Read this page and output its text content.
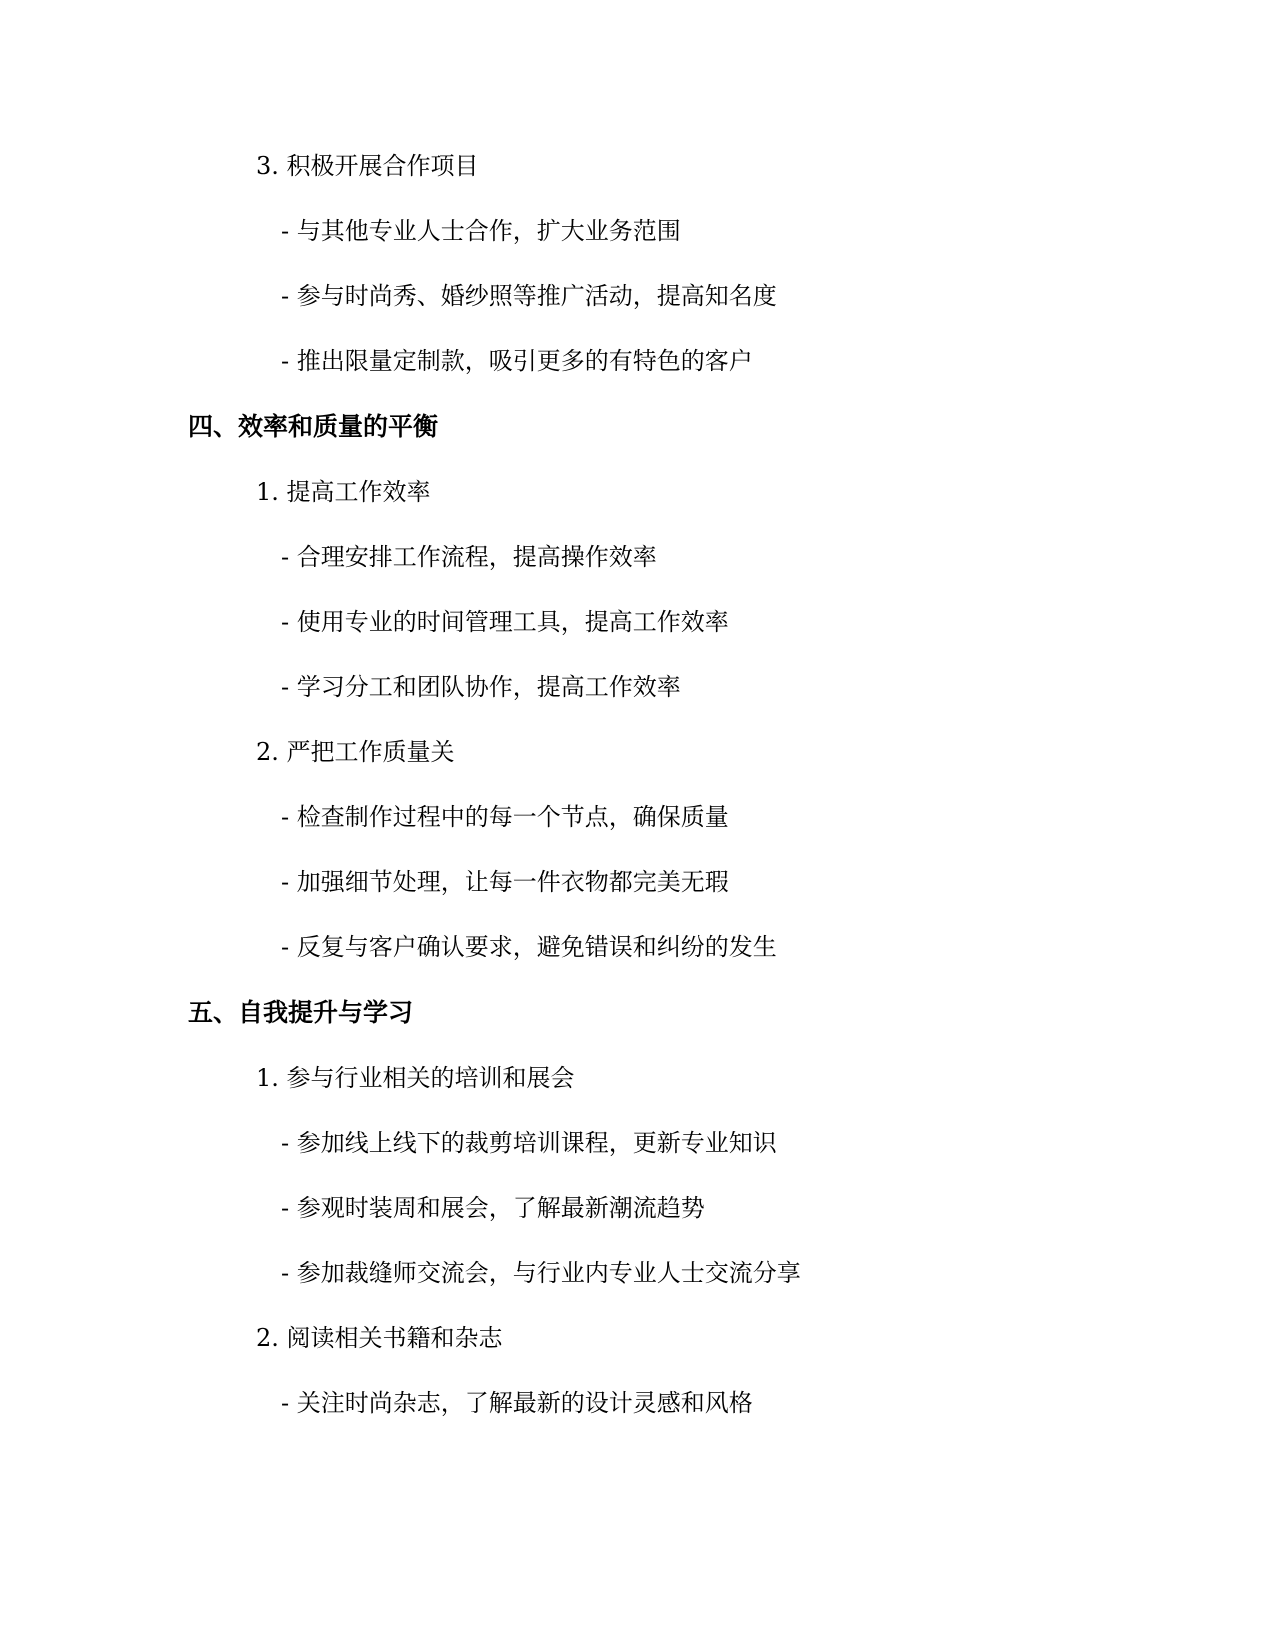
3. 积极开展合作项目
- 与其他专业人士合作，扩大业务范围
- 参与时尚秀、婚纱照等推广活动，提高知名度
- 推出限量定制款，吸引更多的有特色的客户
四、效率和质量的平衡
1. 提高工作效率
- 合理安排工作流程，提高操作效率
- 使用专业的时间管理工具，提高工作效率
- 学习分工和团队协作，提高工作效率
2. 严把工作质量关
- 检查制作过程中的每一个节点，确保质量
- 加强细节处理，让每一件衣物都完美无瑕
- 反复与客户确认要求，避免错误和纠纷的发生
五、自我提升与学习
1. 参与行业相关的培训和展会
- 参加线上线下的裁剪培训课程，更新专业知识
- 参观时装周和展会，了解最新潮流趋势
- 参加裁缝师交流会，与行业内专业人士交流分享
2. 阅读相关书籍和杂志
- 关注时尚杂志，了解最新的设计灵感和风格
